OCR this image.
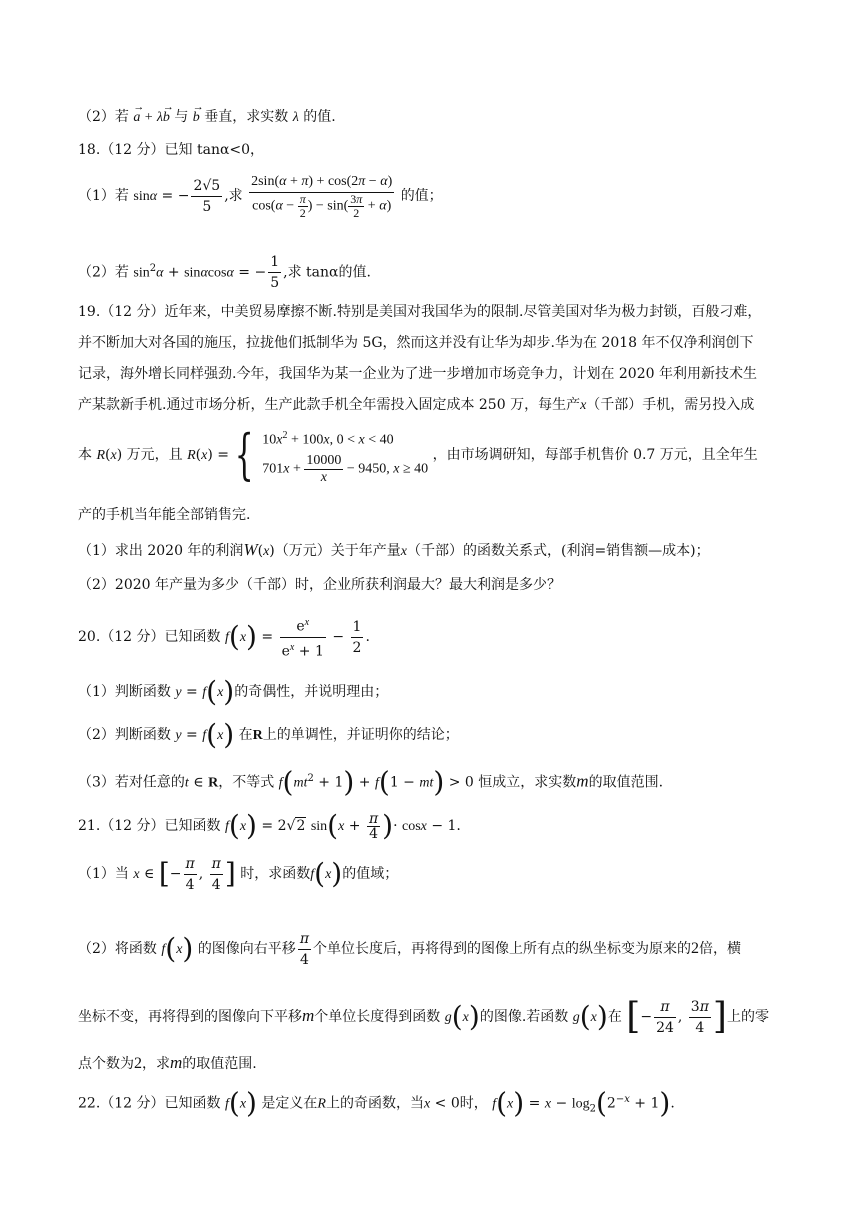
（2）若 → a + λ→ b 与 → b 垂直，求实数 λ 的值.
18.（12 分）已知 tanα<0，
（1）若 sinα = − $\frac{2√5}{5}$ ,求 $\frac{2\sin(\alpha + \pi) + \cos(2\pi - \alpha)}{\cos(\alpha - \frac{\pi}{2} ) - \sin( \frac{3\pi}{2} + \alpha)}$ 的值；
（2）若 $\sin^2\alpha + \sin\alpha\cos\alpha$ = − $\frac{1}{5}$ ,求 tanα的值.
19.（12 分）近年来，中美贸易摩擦不断.特别是美国对我国华为的限制.尽管美国对华为极力封锁，百般刁难，
并不断加大对各国的施压，拉拢他们抵制华为 5G，然而这并没有让华为却步.华为在 2018 年不仅净利润创下
记录，海外增长同样强劲.今年，我国华为某一企业为了进一步增加市场竞争力，计划在 2020 年利用新技术生
产某款新手机.通过市场分析，生产此款手机全年需投入固定成本 250 万，每生产x（千部）手机，需另投入成
本 R(x) 万元，且 R(x) = { $10x^2 + 100x$, 0 < x < 40
$701x + \frac{10000}{x} - 9450$, x ≥ 40
，由市场调研知，每部手机售价 0.7 万元，且全年生
产的手机当年能全部销售完.
（1）求出 2020 年的利润W(x)（万元）关于年产量x（千部）的函数关系式，(利润=销售额—成本)；
（2）2020 年产量为多少（千部）时，企业所获利润最大？最大利润是多少？
20.（12 分）已知函数 $f(x) = \frac{e^x}{e^x + 1} - \frac{1}{2}$ .
（1）判断函数 y = f(x)的奇偶性，并说明理由；
（2）判断函数 y = f(x) 在R上的单调性，并证明你的结论；
（3）若对任意的t ∈ R，不等式 $f(mt^2 + 1) + f(1 - mt) > 0$ 恒成立，求实数m的取值范围.
21.（12 分）已知函数 f(x) = 2√2 $\sin(x + \frac{\pi}{4}$ )· cosx − 1.
（1）当 x ∈ [− $\frac{\pi}{4}$ , $\frac{\pi}{4}$ ] 时，求函数f(x)的值域；
（2）将函数 f(x) 的图像向右平移 $\frac{\pi}{4}$ 个单位长度后，再将得到的图像上所有点的纵坐标变为原来的2倍，横
坐标不变，再将得到的图像向下平移m个单位长度得到函数 g(x)的图像.若函数 g(x)在 [− $\frac{\pi}{24}$ , $\frac{3\pi}{4}$ ]上的零
点个数为2，求m的取值范围.
22.（12 分）已知函数 f(x) 是定义在R上的奇函数，当x < 0时， $f(x) = x - \log_2(2^{-x} + 1)$.
